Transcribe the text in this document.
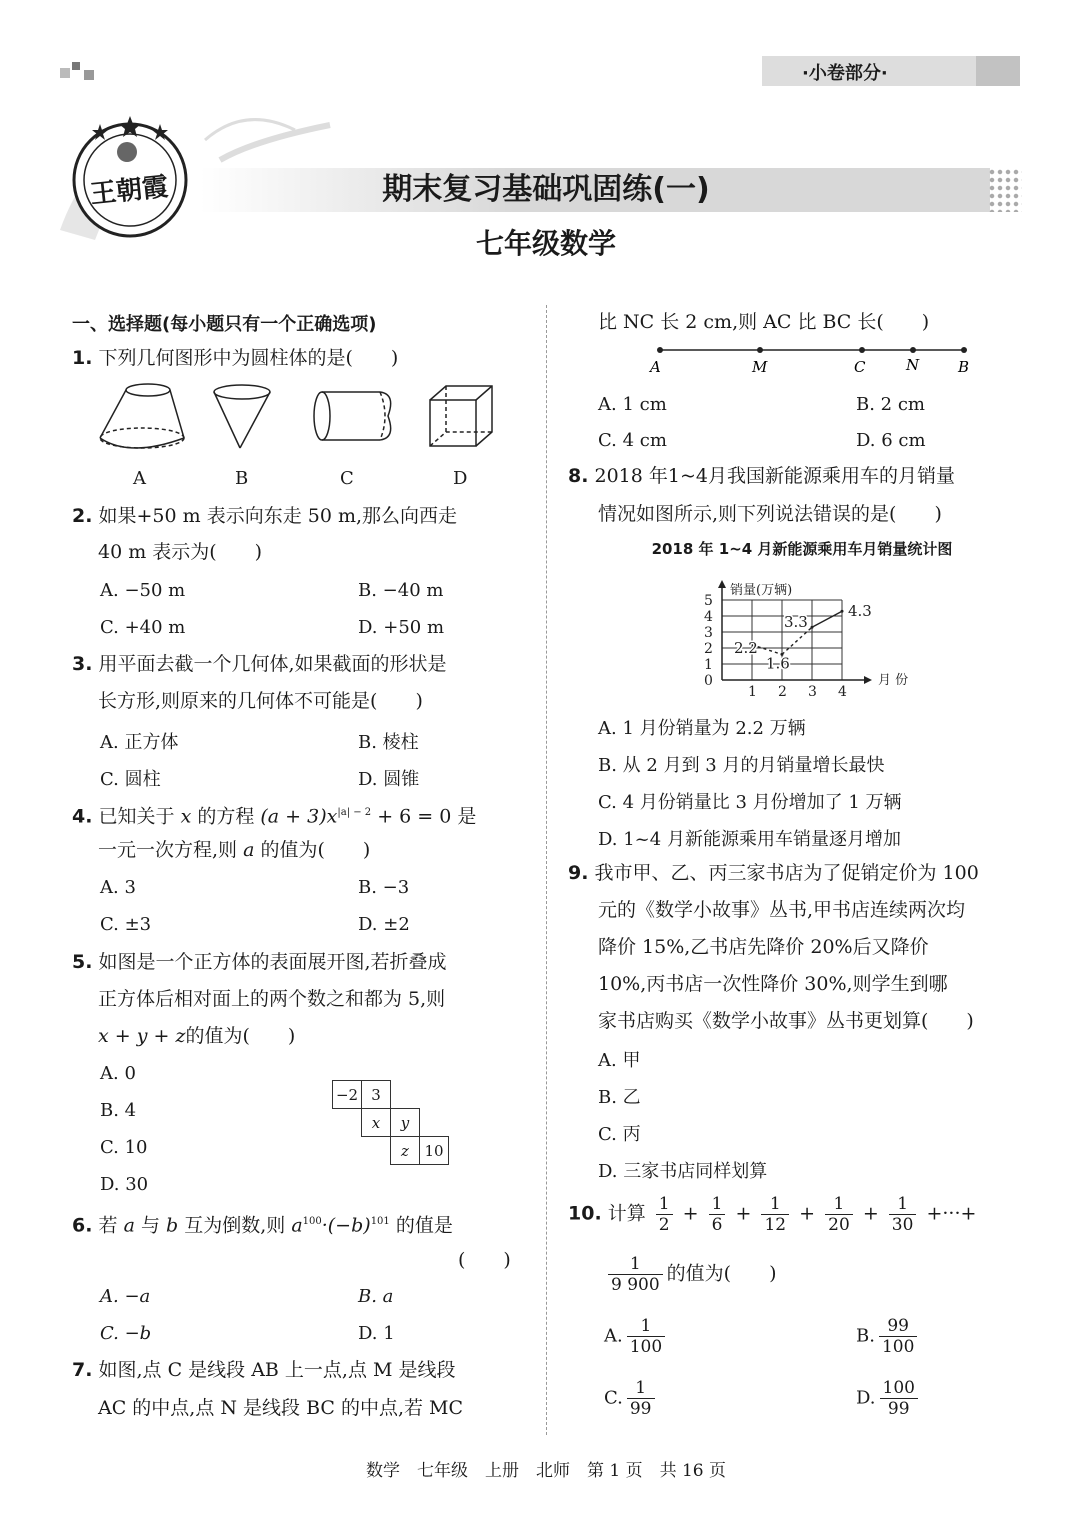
·小卷部分·
王朝霞	期末复习基础巩固练(一)
七年级数学
一、选择题(每小题只有一个正确选项)
1. 下列几何图形中为圆柱体的是(　　)
A	B	C	D
2. 如果+50 m 表示向东走 50 m,那么向西走
40 m 表示为(　　)
A. −50 m	B. −40 m
C. +40 m	D. +50 m
3. 用平面去截一个几何体,如果截面的形状是
长方形,则原来的几何体不可能是(　　)
A. 正方体	B. 棱柱
C. 圆柱	D. 圆锥
4. 已知关于 x 的方程 $(a + 3)x^{|a| - 2} + 6 = 0$ 是
一元一次方程,则 a 的值为(　　)
A. 3	B. −3
C. ±3	D. ±2
5. 如图是一个正方体的表面展开图,若折叠成
正方体后相对面上的两个数之和都为 5,则
x + y + z的值为(　　)
A. 0
B. 4
C. 10
D. 30
−2	3		
	x	y	
		z	10
6. 若 a 与 b 互为倒数,则 $a^{100}\cdot(-b)^{101}$ 的值是
(　　)
A. −a	B. a
C. −b	D. 1
7. 如图,点 C 是线段 AB 上一点,点 M 是线段
AC 的中点,点 N 是线段 BC 的中点,若 MC
比 NC 长 2 cm,则 AC 比 BC 长(　　)
A	M	C	N	B
A. 1 cm	B. 2 cm
C. 4 cm	D. 6 cm
8. 2018 年1~4月我国新能源乘用车的月销量
情况如图所示,则下列说法错误的是(　　)
2018 年 1~4 月新能源乘用车月销量统计图
0
1
2
3
4
5
1 2 3 4
销量(万辆)
月 份
2.2
1.6
3.3
4.3
A. 1 月份销量为 2.2 万辆
B. 从 2 月到 3 月的月销量增长最快
C. 4 月份销量比 3 月份增加了 1 万辆
D. 1~4 月新能源乘用车销量逐月增加
9. 我市甲、乙、丙三家书店为了促销定价为 100
元的《数学小故事》丛书,甲书店连续两次均
降价 15%,乙书店先降价 20%后又降价
10%,丙书店一次性降价 30%,则学生到哪
家书店购买《数学小故事》丛书更划算(　　)
A. 甲
B. 乙
C. 丙
D. 三家书店同样划算
10. 计算 $\frac{1}{2} + \frac{1}{6} + \frac{1}{12} + \frac{1}{20} + \frac{1}{30}$ +···+
$\frac{1}{9 900}$ 的值为(　　)
A. $\frac{1}{100}$	B. $\frac{99}{100}$
C. $\frac{1}{99}$	D. $\frac{100}{99}$
数学　七年级　上册　北师　第 1 页　共 16 页
